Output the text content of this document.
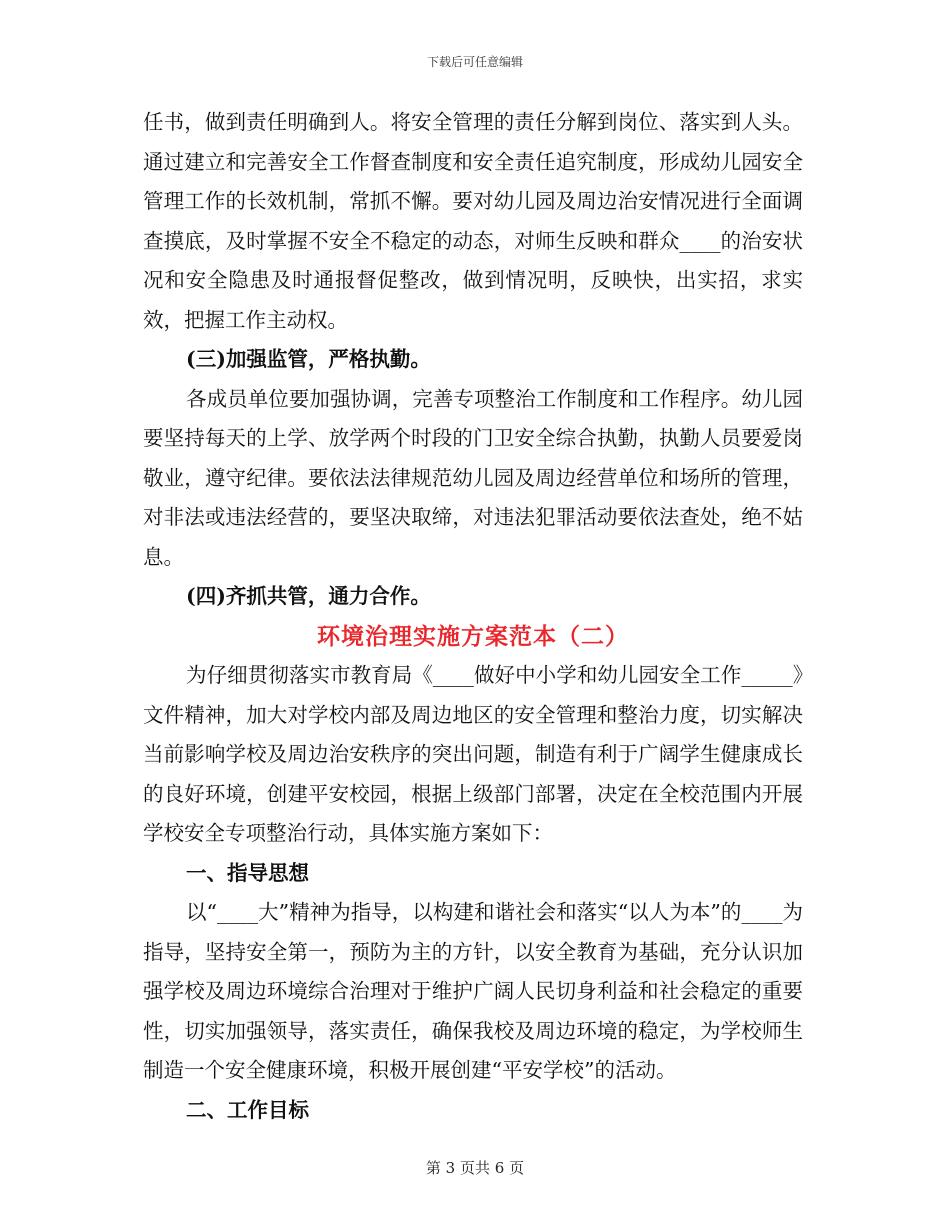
下载后可任意编辑

任书，做到责任明确到人。将安全管理的责任分解到岗位、落实到人头。通过建立和完善安全工作督查制度和安全责任追究制度，形成幼儿园安全管理工作的长效机制，常抓不懈。要对幼儿园及周边治安情况进行全面调查摸底，及时掌握不安全不稳定的动态，对师生反映和群众____的治安状况和安全隐患及时通报督促整改，做到情况明，反映快，出实招，求实效，把握工作主动权。

(三)加强监管，严格执勤。

各成员单位要加强协调，完善专项整治工作制度和工作程序。幼儿园要坚持每天的上学、放学两个时段的门卫安全综合执勤，执勤人员要爱岗敬业，遵守纪律。要依法法律规范幼儿园及周边经营单位和场所的管理，对非法或违法经营的，要坚决取缔，对违法犯罪活动要依法查处，绝不姑息。

(四)齐抓共管，通力合作。

环境治理实施方案范本（二）

为仔细贯彻落实市教育局《____做好中小学和幼儿园安全工作_____》文件精神，加大对学校内部及周边地区的安全管理和整治力度，切实解决当前影响学校及周边治安秩序的突出问题，制造有利于广阔学生健康成长的良好环境，创建平安校园，根据上级部门部署，决定在全校范围内开展学校安全专项整治行动，具体实施方案如下：

一、指导思想

以“____大”精神为指导，以构建和谐社会和落实“以人为本”的____为指导，坚持安全第一，预防为主的方针，以安全教育为基础，充分认识加强学校及周边环境综合治理对于维护广阔人民切身利益和社会稳定的重要性，切实加强领导，落实责任，确保我校及周边环境的稳定，为学校师生制造一个安全健康环境，积极开展创建“平安学校”的活动。

二、工作目标

第 3 页共 6 页
